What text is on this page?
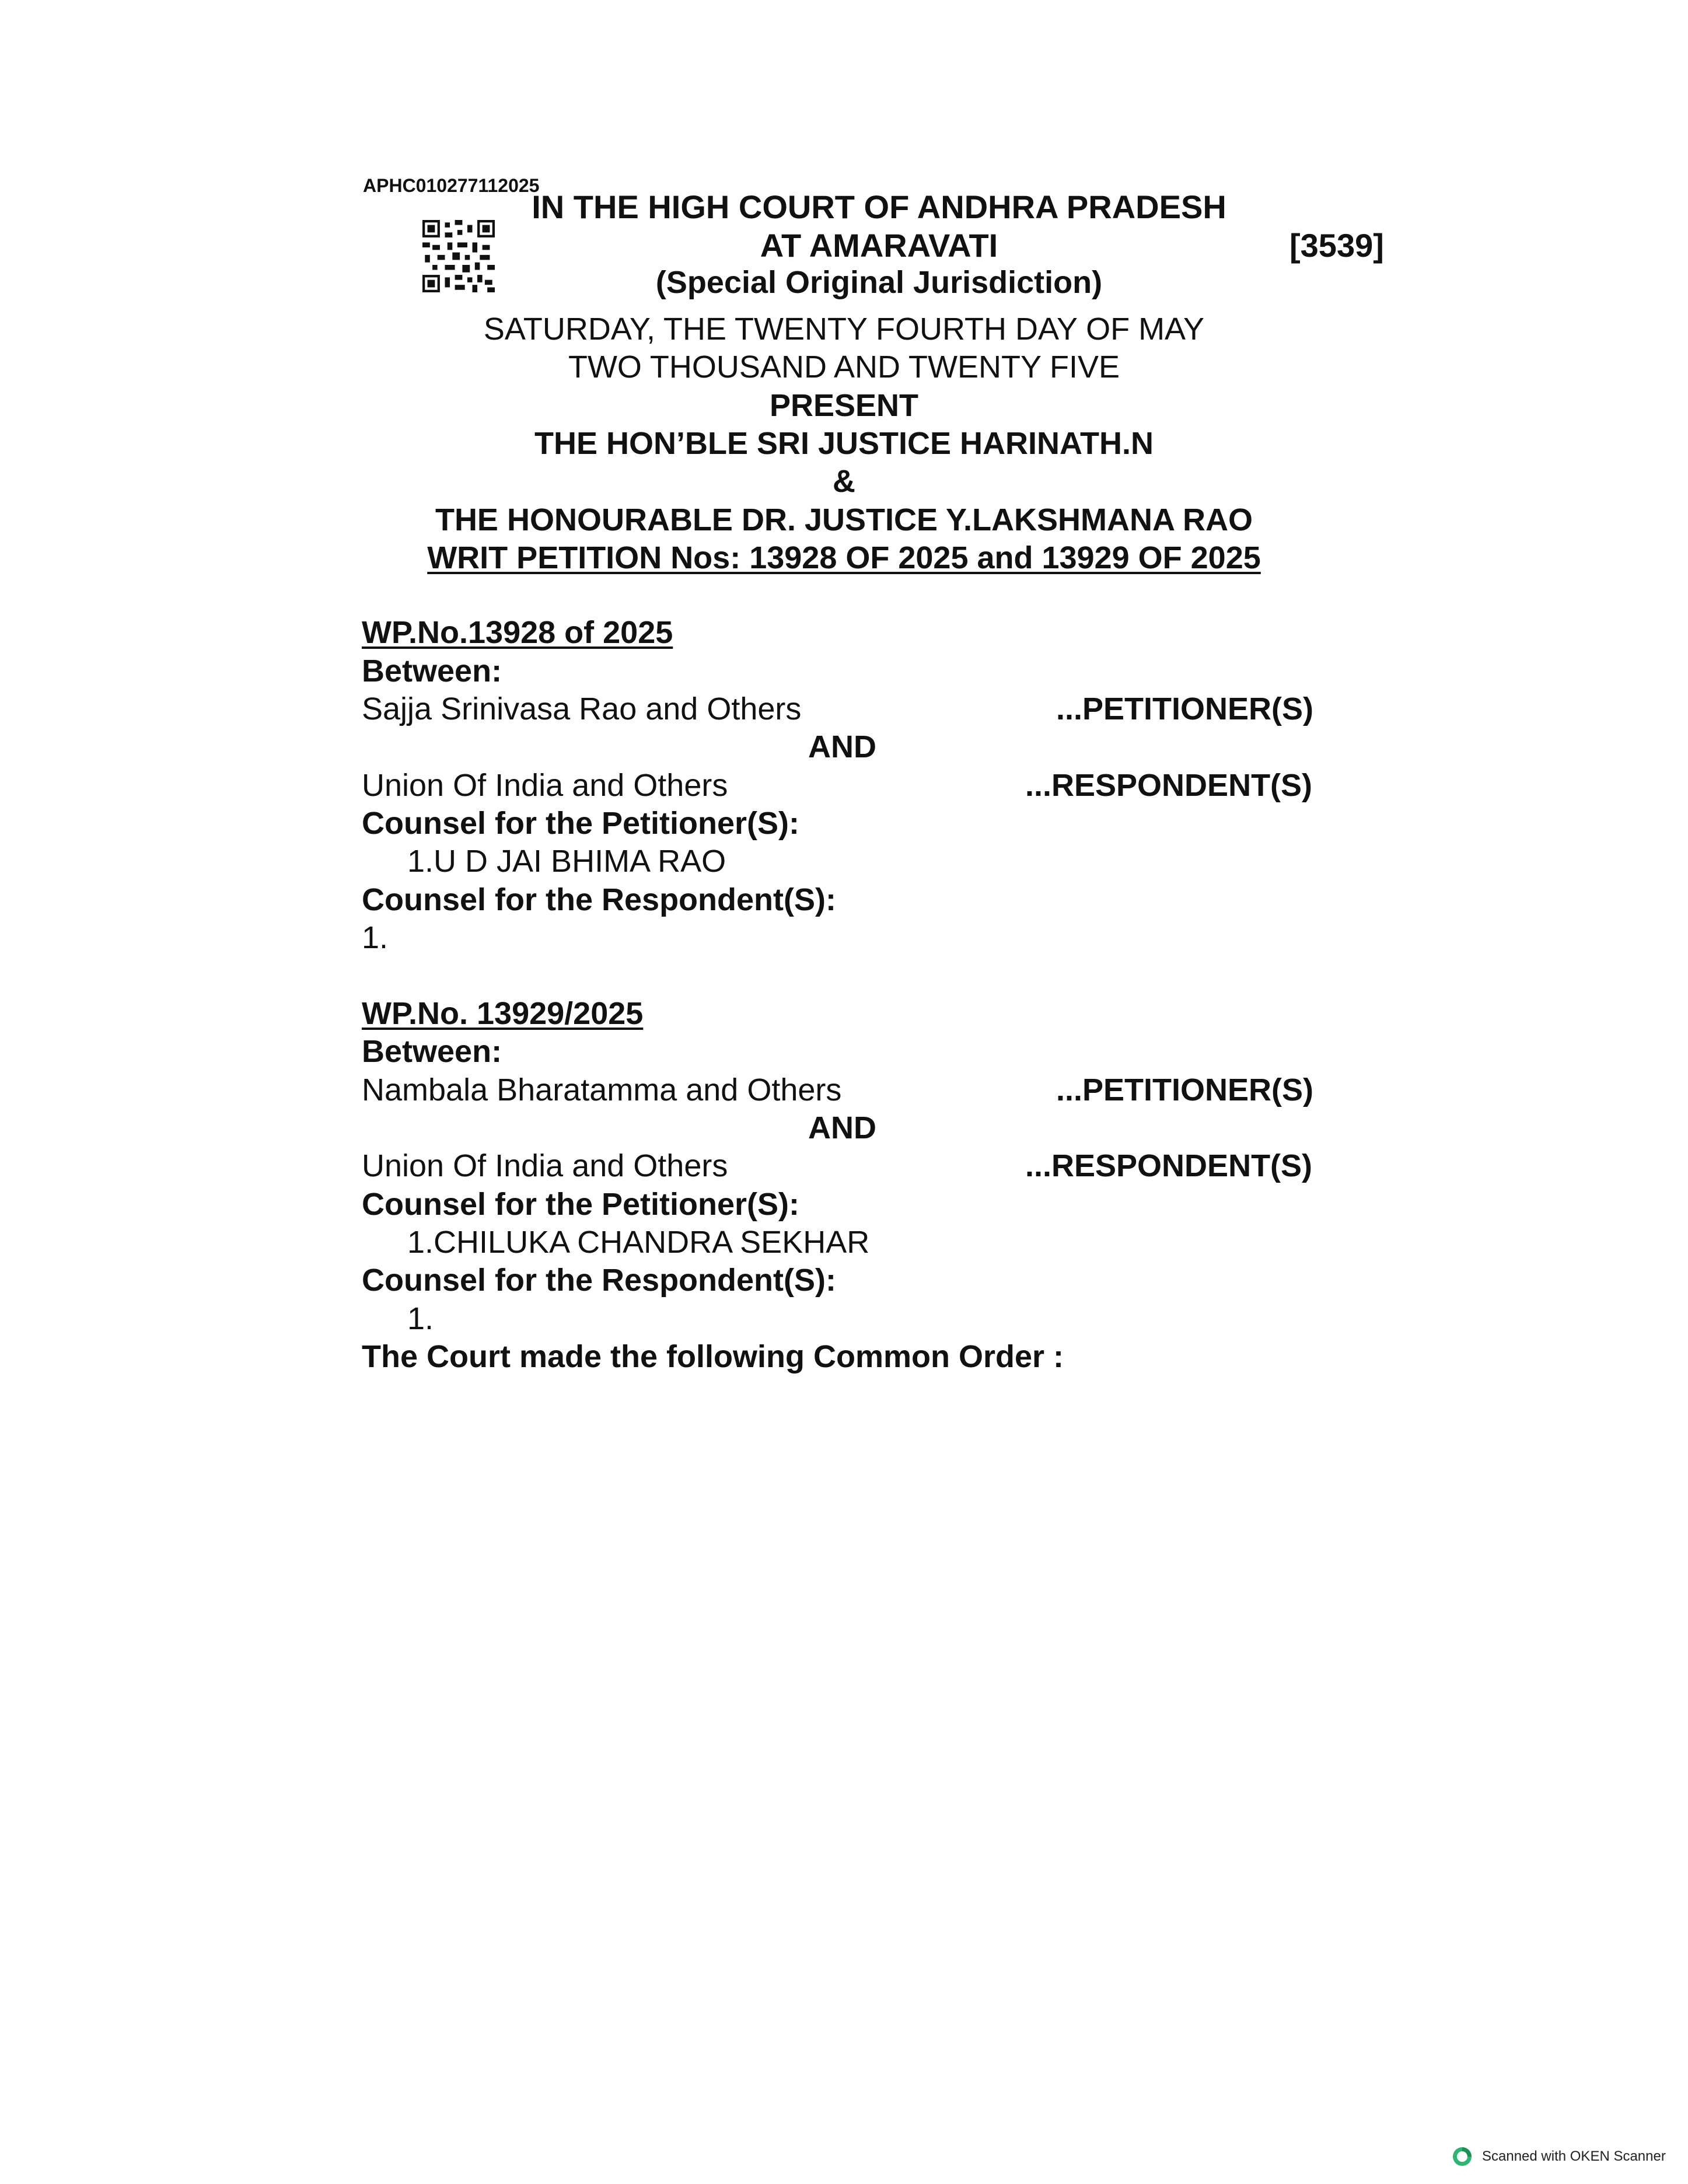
APHC010277112025
IN THE HIGH COURT OF ANDHRA PRADESH
AT AMARAVATI	[3539]
(Special Original Jurisdiction)
SATURDAY, THE TWENTY FOURTH DAY OF MAY
TWO THOUSAND AND TWENTY FIVE
PRESENT
THE HON’BLE SRI JUSTICE HARINATH.N
&
THE HONOURABLE DR. JUSTICE Y.LAKSHMANA RAO
WRIT PETITION Nos: 13928 OF 2025 and 13929 OF 2025
WP.No.13928 of 2025
Between:
Sajja Srinivasa Rao and Others	...PETITIONER(S)
AND
Union Of India and Others	...RESPONDENT(S)
Counsel for the Petitioner(S):
1.U D JAI BHIMA RAO
Counsel for the Respondent(S):
1.
WP.No. 13929/2025
Between:
Nambala Bharatamma and Others	...PETITIONER(S)
AND
Union Of India and Others	...RESPONDENT(S)
Counsel for the Petitioner(S):
1.CHILUKA CHANDRA SEKHAR
Counsel for the Respondent(S):
1.
The Court made the following Common Order :
Scanned with OKEN Scanner
